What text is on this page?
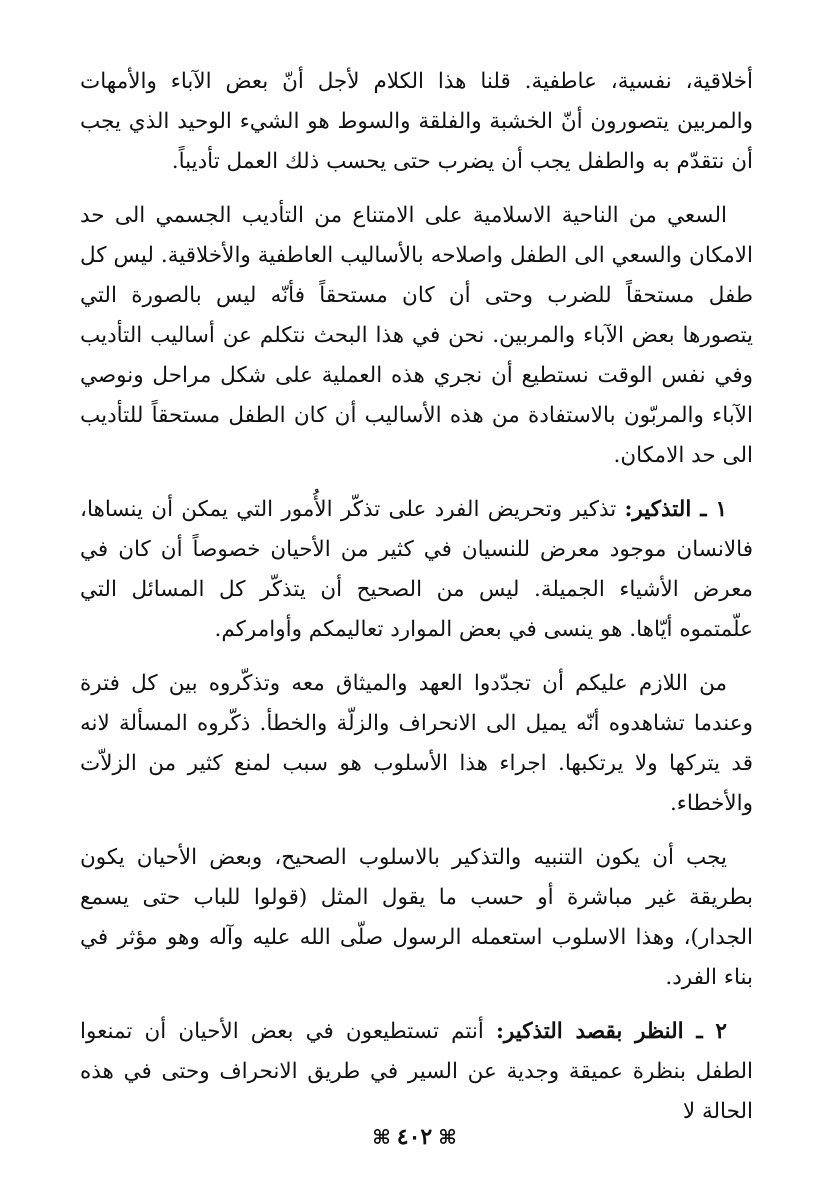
أخلاقية، نفسية، عاطفية. قلنا هذا الكلام لأجل أنّ بعض الآباء والأمهات والمربين يتصورون أنّ الخشبة والفلقة والسوط هو الشيء الوحيد الذي يجب أن نتقدّم به والطفل يجب أن يضرب حتى يحسب ذلك العمل تأديباً.

السعي من الناحية الاسلامية على الامتناع من التأديب الجسمي الى حد الامكان والسعي الى الطفل واصلاحه بالأساليب العاطفية والأخلاقية. ليس كل طفل مستحقاً للضرب وحتى أن كان مستحقاً فأنّه ليس بالصورة التي يتصورها بعض الآباء والمربين. نحن في هذا البحث نتكلم عن أساليب التأديب وفي نفس الوقت نستطيع أن نجري هذه العملية على شكل مراحل ونوصي الآباء والمربّون بالاستفادة من هذه الأساليب أن كان الطفل مستحقاً للتأديب الى حد الامكان.

١ ـ التذكير: تذكير وتحريض الفرد على تذكّر الأُمور التي يمكن أن ينساها، فالانسان موجود معرض للنسيان في كثير من الأحيان خصوصاً أن كان في معرض الأشياء الجميلة. ليس من الصحيح أن يتذكّر كل المسائل التي علّمتموه أيّاها. هو ينسى في بعض الموارد تعاليمكم وأوامركم.

من اللازم عليكم أن تجدّدوا العهد والميثاق معه وتذكّروه بين كل فترة وعندما تشاهدوه أنّه يميل الى الانحراف والزلّة والخطأ. ذكّروه المسألة لانه قد يتركها ولا يرتكبها. اجراء هذا الأسلوب هو سبب لمنع كثير من الزلاّت والأخطاء.

يجب أن يكون التنبيه والتذكير بالاسلوب الصحيح، وبعض الأحيان يكون بطريقة غير مباشرة أو حسب ما يقول المثل (قولوا للباب حتى يسمع الجدار)، وهذا الاسلوب استعمله الرسول صلّى الله عليه وآله وهو مؤثر في بناء الفرد.

٢ ـ النظر بقصد التذكير: أنتم تستطيعون في بعض الأحيان أن تمنعوا الطفل بنظرة عميقة وجدية عن السير في طريق الانحراف وحتى في هذه الحالة لا

⌘٤٠٢⌘
